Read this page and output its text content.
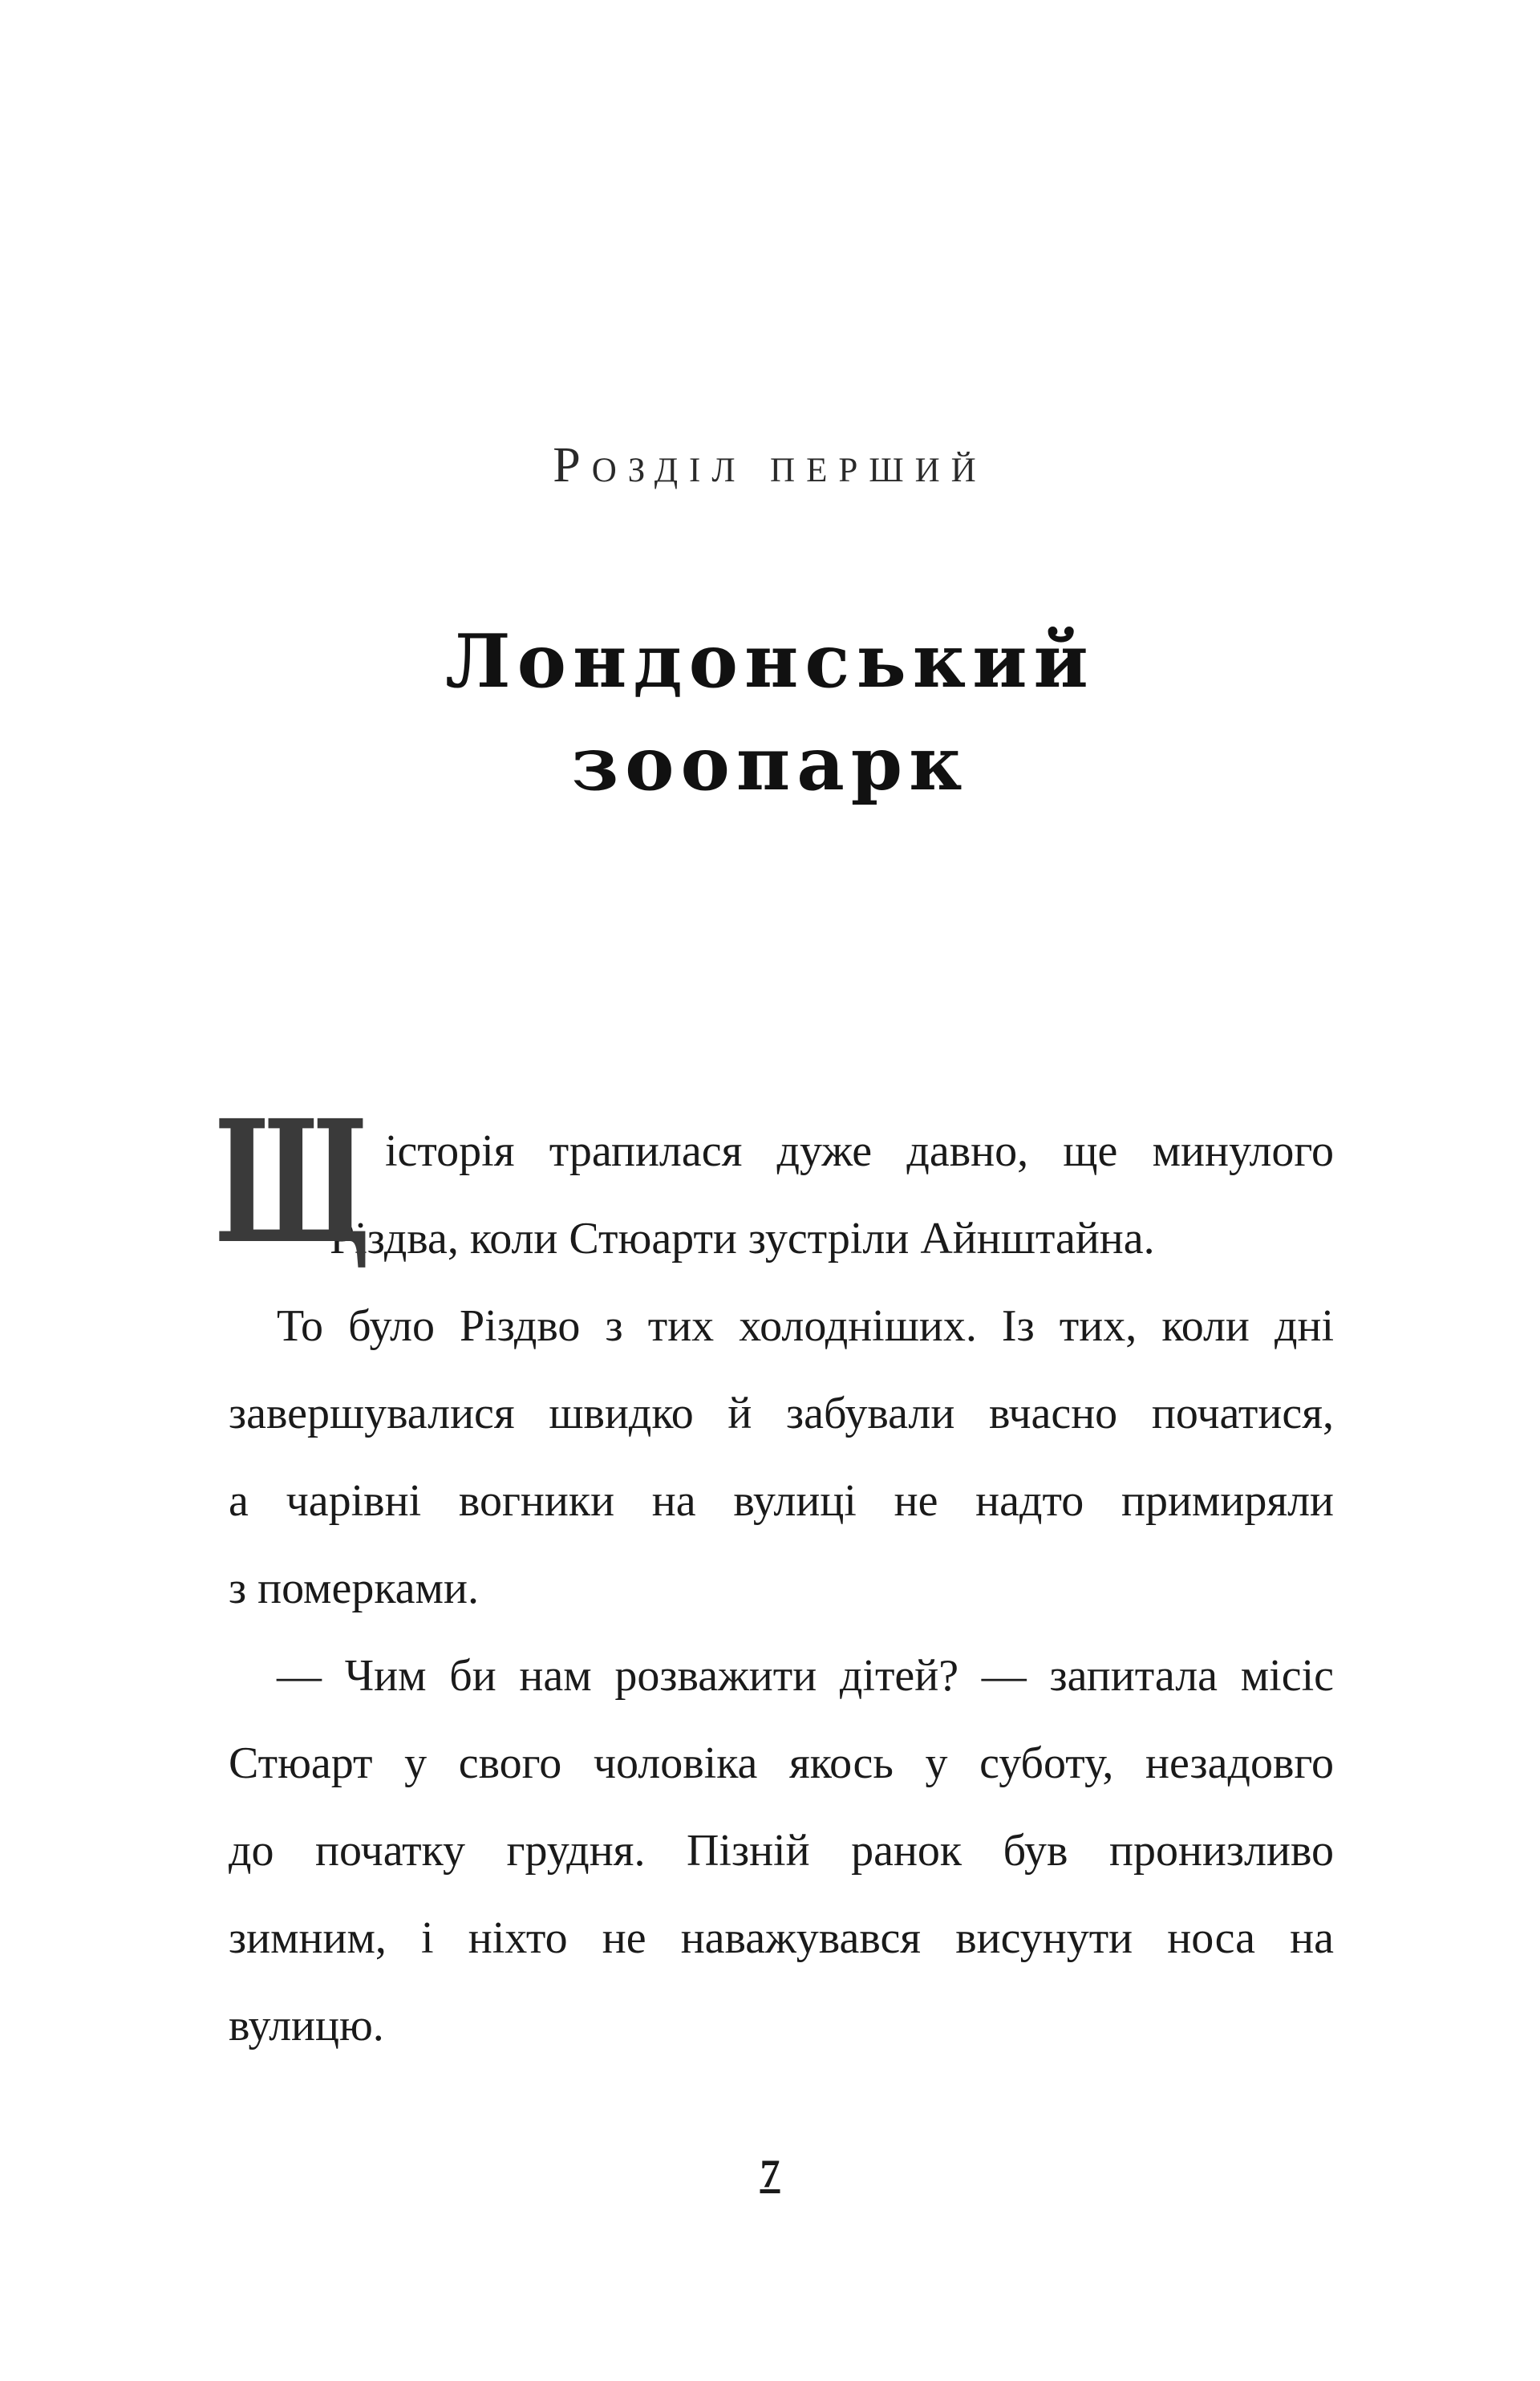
Розділ перший
Лондонський
зоопарк
Щ
я історія трапилася дуже давно, ще минулого
Різдва, коли Стюарти зустріли Айнштайна.
То було Різдво з тих холодніших. Із тих, коли дні
завершувалися швидко й забували вчасно початися,
а чарівні вогники на вулиці не надто примиряли
з померками.
— Чим би нам розважити дітей? — запитала місіс
Стюарт у свого чоловіка якось у суботу, незадовго
до початку грудня. Пізній ранок був пронизливо
зимним, і ніхто не наважувався висунути носа на
вулицю.
7
